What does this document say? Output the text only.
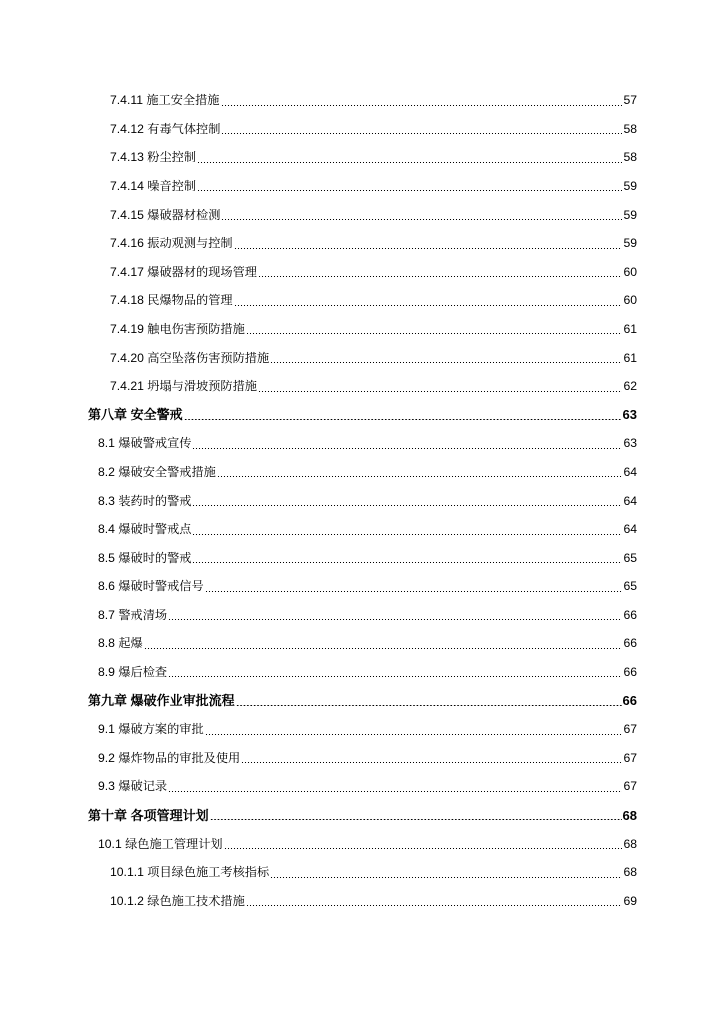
7.4.11 施工安全措施	57
7.4.12 有毒气体控制	58
7.4.13 粉尘控制	58
7.4.14 噪音控制	59
7.4.15 爆破器材检测	59
7.4.16 振动观测与控制	59
7.4.17 爆破器材的现场管理	60
7.4.18 民爆物品的管理	60
7.4.19 触电伤害预防措施	61
7.4.20 高空坠落伤害预防措施	61
7.4.21 坍塌与滑坡预防措施	62
第八章 安全警戒	63
8.1 爆破警戒宣传	63
8.2 爆破安全警戒措施	64
8.3 装药时的警戒	64
8.4 爆破时警戒点	64
8.5 爆破时的警戒	65
8.6 爆破时警戒信号	65
8.7 警戒清场	66
8.8 起爆	66
8.9 爆后检查	66
第九章 爆破作业审批流程	66
9.1 爆破方案的审批	67
9.2 爆炸物品的审批及使用	67
9.3 爆破记录	67
第十章 各项管理计划	68
10.1 绿色施工管理计划	68
10.1.1 项目绿色施工考核指标	68
10.1.2 绿色施工技术措施	69
